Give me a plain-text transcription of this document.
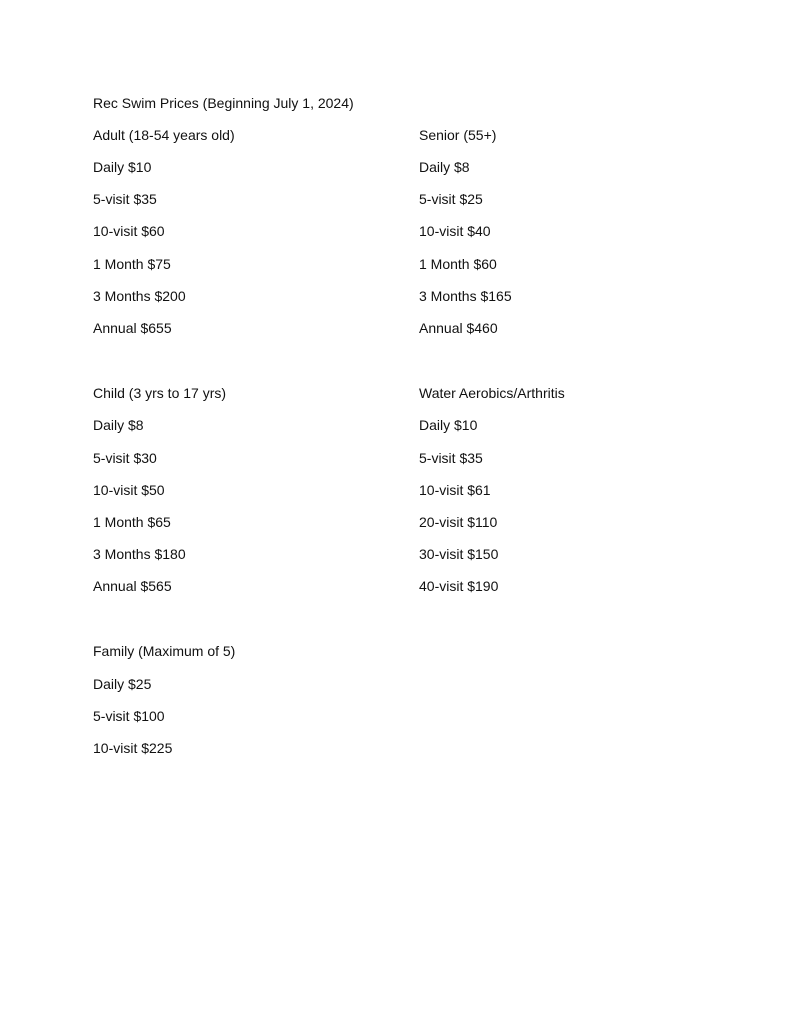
Rec Swim Prices (Beginning July 1, 2024)
Adult (18-54 years old)
Daily $10
5-visit $35
10-visit $60
1 Month $75
3 Months $200
Annual $655
Senior (55+)
Daily $8
5-visit $25
10-visit $40
1 Month $60
3 Months $165
Annual $460
Child (3 yrs to 17 yrs)
Daily $8
5-visit $30
10-visit $50
1 Month $65
3 Months $180
Annual $565
Water Aerobics/Arthritis
Daily $10
5-visit $35
10-visit $61
20-visit $110
30-visit $150
40-visit $190
Family (Maximum of 5)
Daily $25
5-visit $100
10-visit $225
